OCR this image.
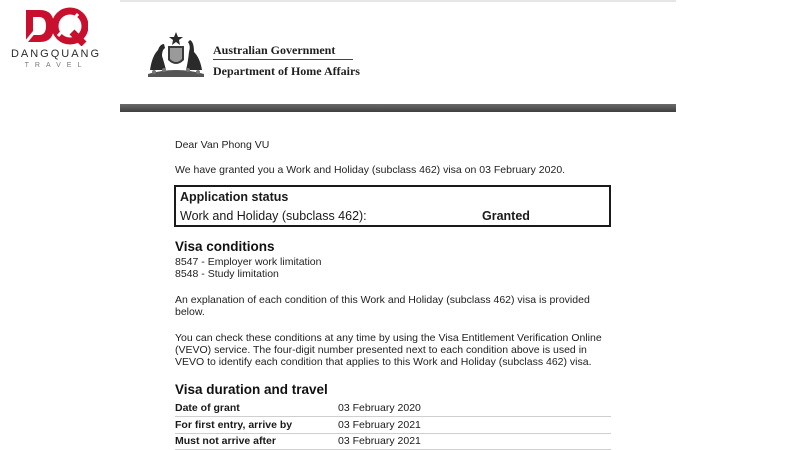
DANGQUANG
TRAVEL
Australian Government
Department of Home Affairs
Dear Van Phong VU
We have granted you a Work and Holiday (subclass 462) visa on 03 February 2020.
Application status
Work and Holiday (subclass 462):	Granted
Visa conditions
8547 - Employer work limitation
8548 - Study limitation
An explanation of each condition of this Work and Holiday (subclass 462) visa is provided
below.
You can check these conditions at any time by using the Visa Entitlement Verification Online
(VEVO) service. The four-digit number presented next to each condition above is used in
VEVO to identify each condition that applies to this Work and Holiday (subclass 462) visa.
Visa duration and travel
Date of grant	03 February 2020
For first entry, arrive by	03 February 2021
Must not arrive after	03 February 2021
